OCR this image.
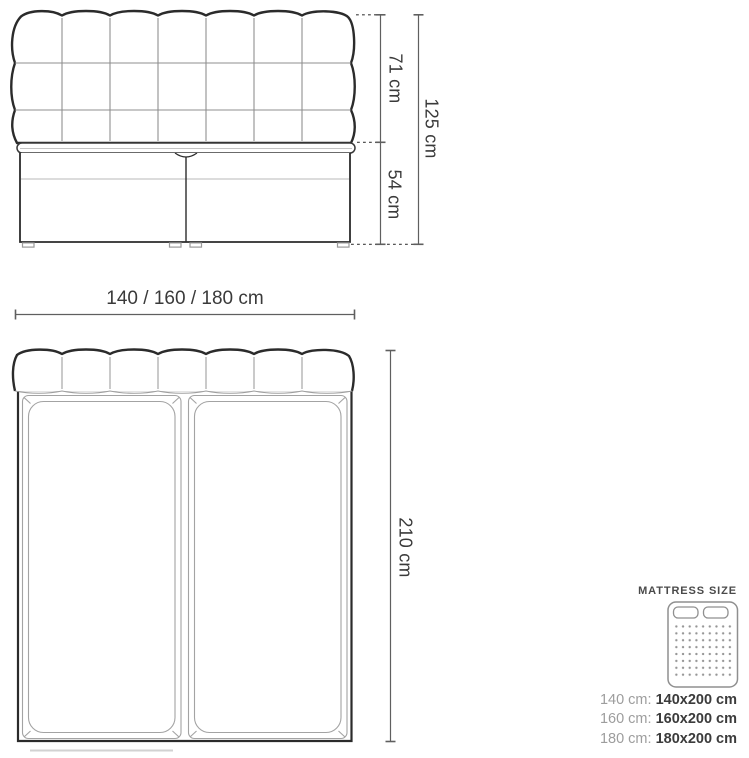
71 cm
125 cm
54 cm
140 / 160 / 180 cm
210 cm
MATTRESS SIZE
140 cm: 140x200 cm
160 cm: 160x200 cm
180 cm: 180x200 cm
